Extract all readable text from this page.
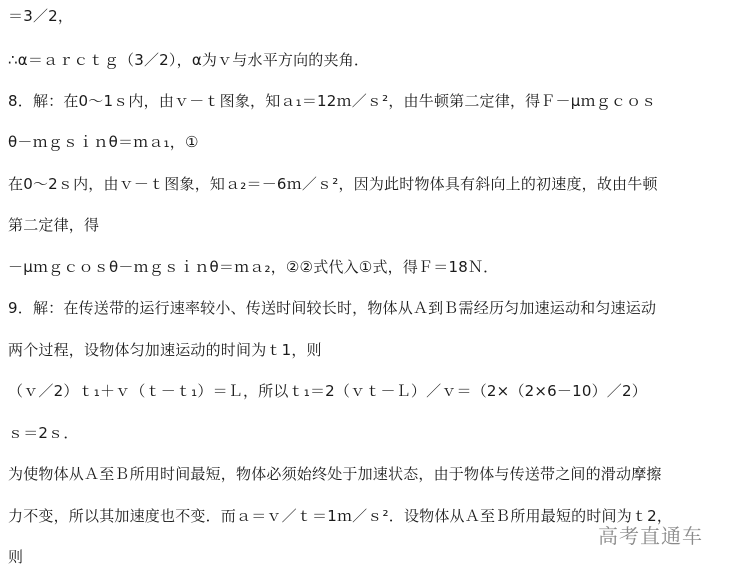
＝3／2，
∴α＝ａｒｃｔｇ（3／2），α为ｖ与水平方向的夹角．
8．解：在0～1ｓ内，由ｖ－ｔ图象，知ａ₁＝12ｍ／ｓ²，由牛顿第二定律，得Ｆ－μｍｇｃｏｓ
θ－ｍｇｓｉｎθ＝ｍａ₁，①
在0～2ｓ内，由ｖ－ｔ图象，知ａ₂＝－6ｍ／ｓ²，因为此时物体具有斜向上的初速度，故由牛顿
第二定律，得
－μｍｇｃｏｓθ－ｍｇｓｉｎθ＝ｍａ₂，②②式代入①式，得Ｆ＝18Ｎ．
9．解：在传送带的运行速率较小、传送时间较长时，物体从Ａ到Ｂ需经历匀加速运动和匀速运动
两个过程，设物体匀加速运动的时间为ｔ1，则
（ｖ／2）ｔ₁＋ｖ（ｔ－ｔ₁）＝Ｌ，所以ｔ₁＝2（ｖｔ－Ｌ）／ｖ＝（2×（2×6－10）／2）
ｓ＝2ｓ．
为使物体从Ａ至Ｂ所用时间最短，物体必须始终处于加速状态，由于物体与传送带之间的滑动摩擦
力不变，所以其加速度也不变．而ａ＝ｖ／ｔ＝1ｍ／ｓ²．设物体从Ａ至Ｂ所用最短的时间为ｔ2，
则
高考直通车
